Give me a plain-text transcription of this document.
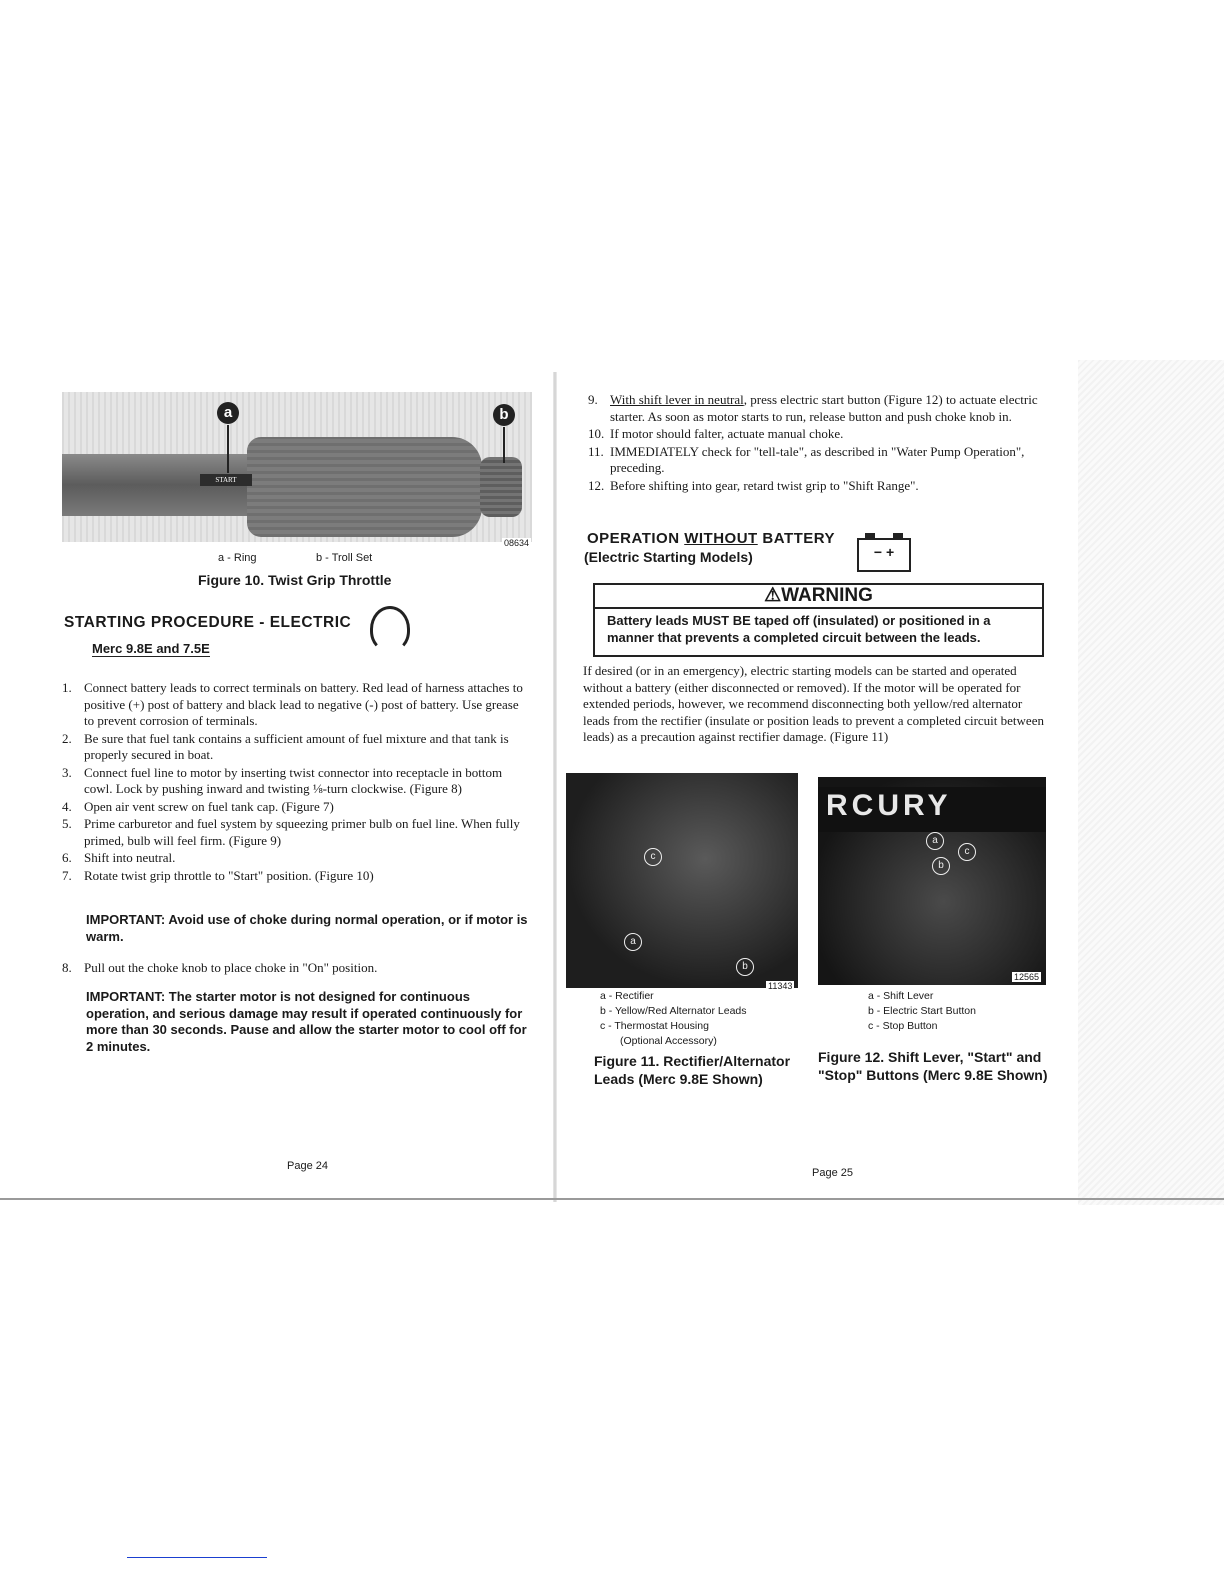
START
a	b
08634
a - Ring	b - Troll Set
Figure 10. Twist Grip Throttle
STARTING PROCEDURE - ELECTRIC
Merc 9.8E and 7.5E
1. Connect battery leads to correct terminals on battery. Red lead of harness attaches to positive (+) post of battery and black lead to negative (-) post of battery. Use grease to prevent corrosion of terminals.
2. Be sure that fuel tank contains a sufficient amount of fuel mixture and that tank is properly secured in boat.
3. Connect fuel line to motor by inserting twist connector into receptacle in bottom cowl. Lock by pushing inward and twisting ⅛-turn clockwise. (Figure 8)
4. Open air vent screw on fuel tank cap. (Figure 7)
5. Prime carburetor and fuel system by squeezing primer bulb on fuel line. When fully primed, bulb will feel firm. (Figure 9)
6. Shift into neutral.
7. Rotate twist grip throttle to "Start" position. (Figure 10)
IMPORTANT: Avoid use of choke during normal operation, or if motor is warm.
8. Pull out the choke knob to place choke in "On" position.
IMPORTANT: The starter motor is not designed for continuous operation, and serious damage may result if operated continuously for more than 30 seconds. Pause and allow the starter motor to cool off for 2 minutes.
Page 24
9. With shift lever in neutral, press electric start button (Figure 12) to actuate electric starter. As soon as motor starts to run, release button and push choke knob in.
10. If motor should falter, actuate manual choke.
11. IMMEDIATELY check for "tell-tale", as described in "Water Pump Operation", preceding.
12. Before shifting into gear, retard twist grip to "Shift Range".
OPERATION WITHOUT BATTERY
(Electric Starting Models)	− +
⚠WARNING
Battery leads MUST BE taped off (insulated) or positioned in a manner that prevents a completed circuit between the leads.
If desired (or in an emergency), electric starting models can be started and operated without a battery (either disconnected or removed). If the motor will be operated for extended periods, however, we recommend disconnecting both yellow/red alternator leads from the rectifier (insulate or position leads to prevent a completed circuit between leads) as a precaution against rectifier damage. (Figure 11)
c
a
b
11343
a - Rectifier
b - Yellow/Red Alternator Leads
c - Thermostat Housing
(Optional Accessory)
Figure 11. Rectifier/Alternator Leads (Merc 9.8E Shown)
RCURY
a
b
c
12565
a - Shift Lever
b - Electric Start Button
c - Stop Button
Figure 12. Shift Lever, "Start" and "Stop" Buttons (Merc 9.8E Shown)
Page 25
